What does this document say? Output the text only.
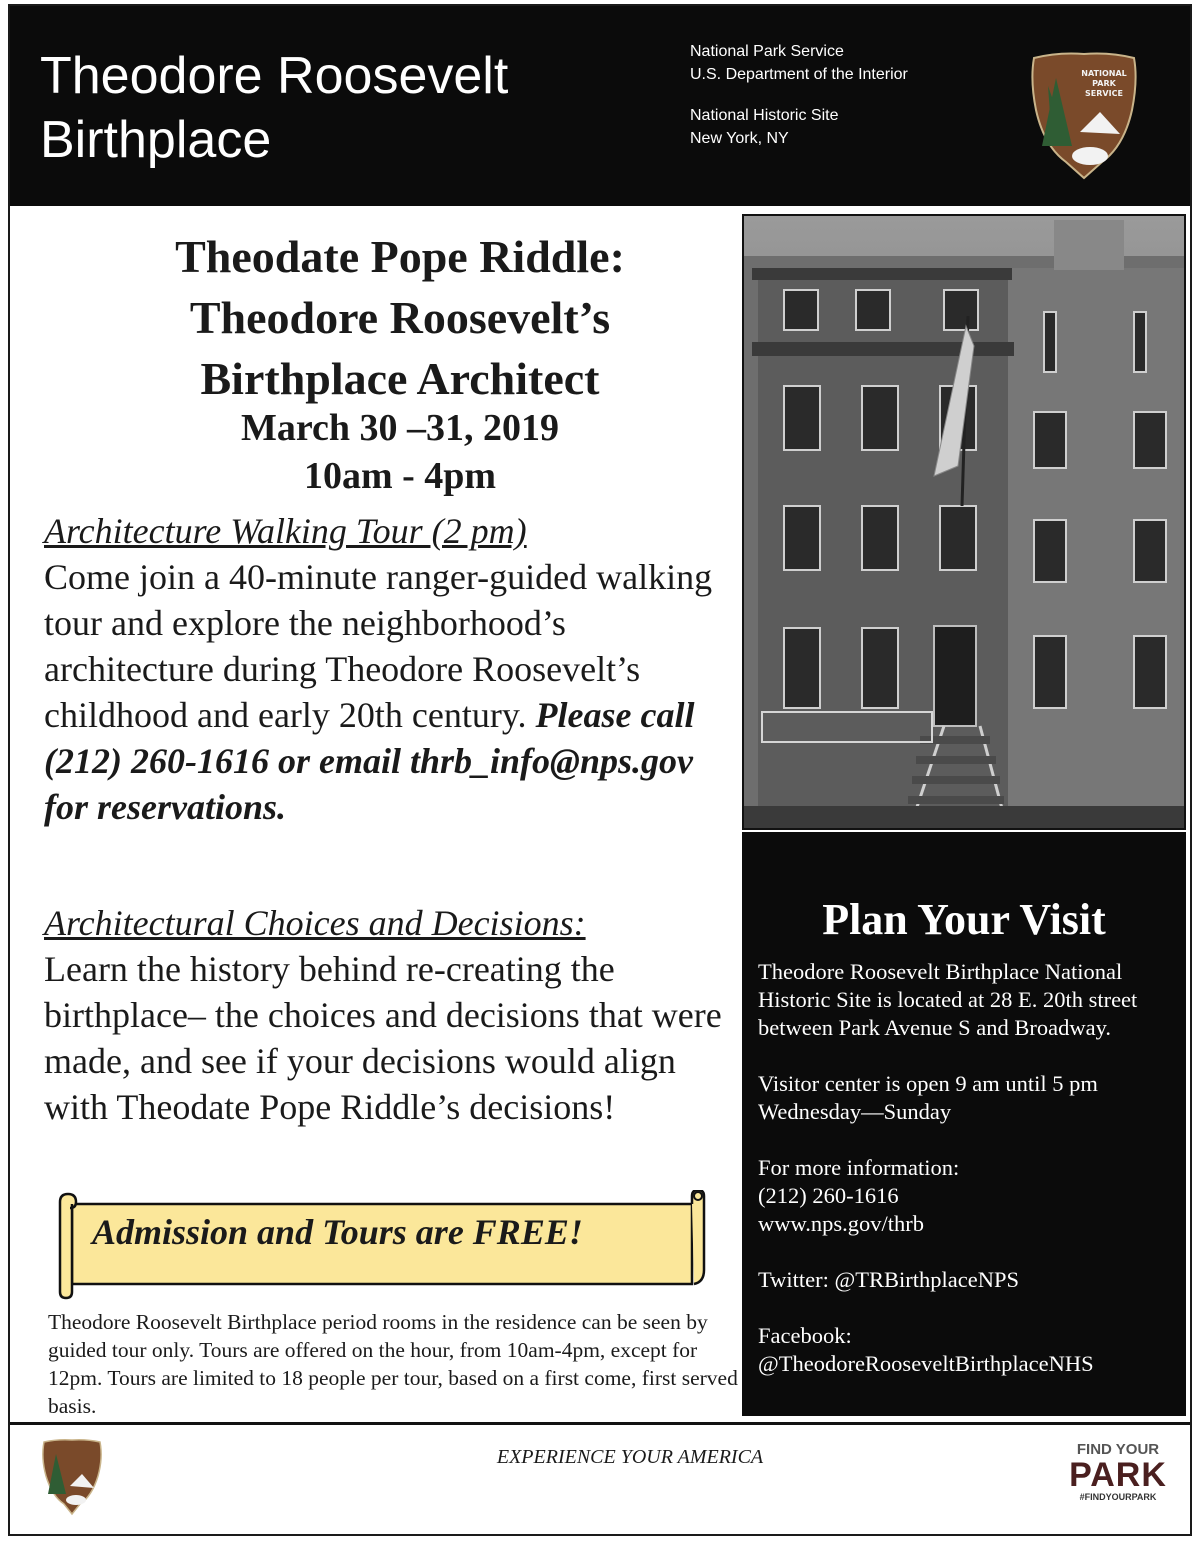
Theodore Roosevelt
Birthplace
National Park Service
U.S. Department of the Interior
National Historic Site
New York, NY
NATIONAL
PARK
SERVICE
Theodate Pope Riddle:
Theodore Roosevelt’s
Birthplace Architect
March 30 –31, 2019
10am - 4pm
Architecture Walking Tour (2 pm)
Come join a 40-minute ranger-guided walking tour and explore the neighborhood’s architecture during Theodore Roosevelt’s childhood and early 20th century. Please call (212) 260-1616 or email thrb_info@nps.gov for reservations.
Architectural Choices and Decisions:
Learn the history behind re-creating the birthplace– the choices and decisions that were made, and see if your decisions would align with Theodate Pope Riddle’s decisions!
Admission and Tours are FREE!
Theodore Roosevelt Birthplace period rooms in the residence can be seen by guided tour only. Tours are offered on the hour, from 10am-4pm, except for 12pm. Tours are limited to 18 people per tour, based on a first come, first served basis.
Plan Your Visit

Theodore Roosevelt Birthplace National Historic Site is located at 28 E. 20th street between Park Avenue S and Broadway.

Visitor center is open 9 am until 5 pm
Wednesday—Sunday

For more information:
(212) 260-1616
www.nps.gov/thrb

Twitter: @TRBirthplaceNPS

Facebook:
@TheodoreRooseveltBirthplaceNHS

EXPERIENCE YOUR AMERICA	FIND YOUR
PARK
#FINDYOURPARK
